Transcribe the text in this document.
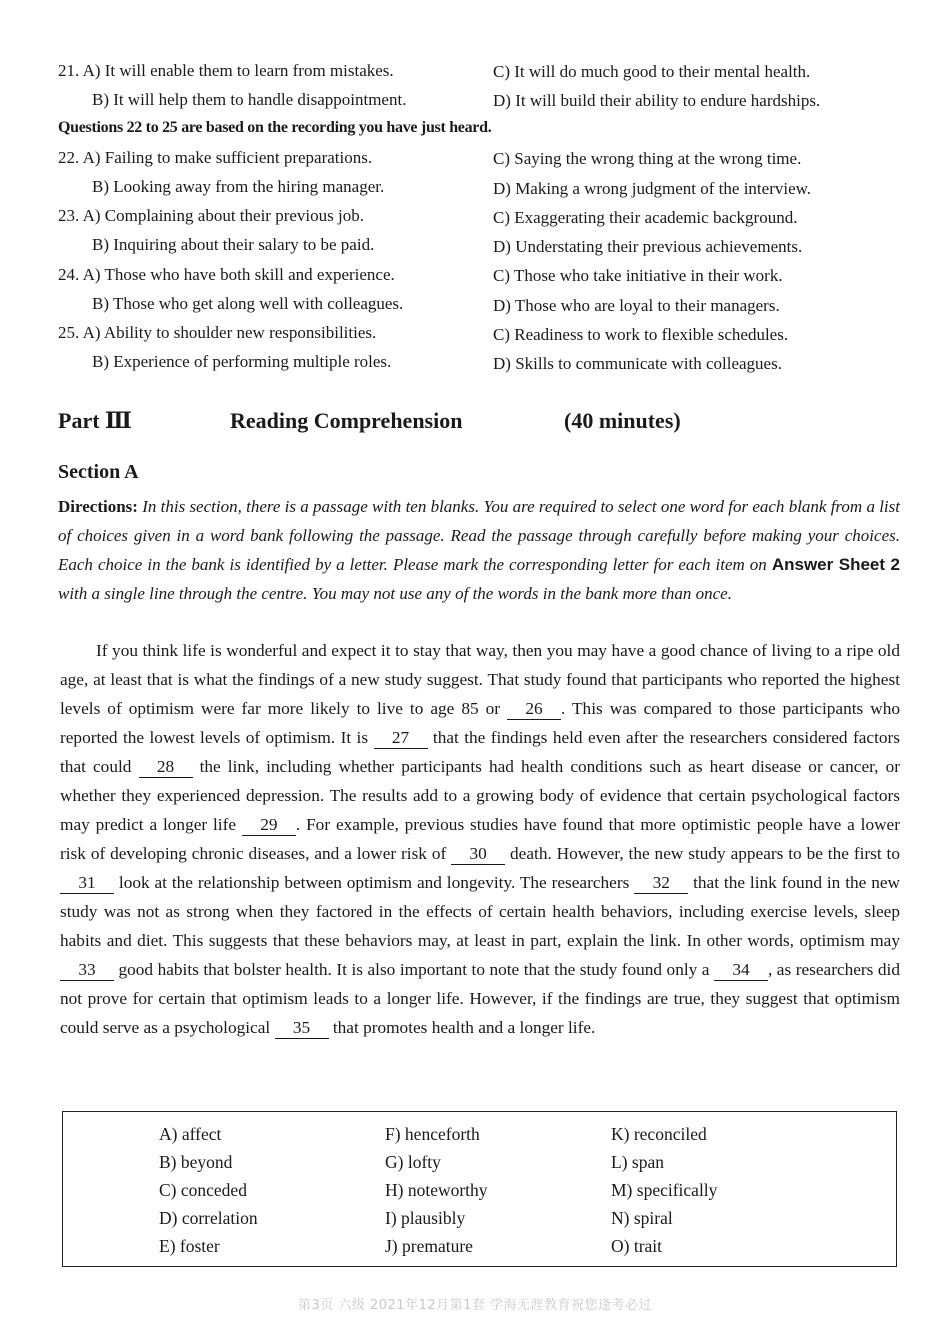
21. A) It will enable them to learn from mistakes.
B) It will help them to handle disappointment.
C) It will do much good to their mental health.
D) It will build their ability to endure hardships.
Questions 22 to 25 are based on the recording you have just heard.
22. A) Failing to make sufficient preparations.
B) Looking away from the hiring manager.
C) Saying the wrong thing at the wrong time.
D) Making a wrong judgment of the interview.
23. A) Complaining about their previous job.
B) Inquiring about their salary to be paid.
C) Exaggerating their academic background.
D) Understating their previous achievements.
24. A) Those who have both skill and experience.
B) Those who get along well with colleagues.
C) Those who take initiative in their work.
D) Those who are loyal to their managers.
25. A) Ability to shoulder new responsibilities.
B) Experience of performing multiple roles.
C) Readiness to work to flexible schedules.
D) Skills to communicate with colleagues.
Part Ⅲ	Reading Comprehension	(40 minutes)
Section A
Directions: In this section, there is a passage with ten blanks. You are required to select one word for each blank from a list of choices given in a word bank following the passage. Read the passage through carefully before making your choices. Each choice in the bank is identified by a letter. Please mark the corresponding letter for each item on Answer Sheet 2 with a single line through the centre. You may not use any of the words in the bank more than once.
If you think life is wonderful and expect it to stay that way, then you may have a good chance of living to a ripe old age, at least that is what the findings of a new study suggest. That study found that participants who reported the highest levels of optimism were far more likely to live to age 85 or 26 . This was compared to those participants who reported the lowest levels of optimism. It is 27 that the findings held even after the researchers considered factors that could 28 the link, including whether participants had health conditions such as heart disease or cancer, or whether they experienced depression. The results add to a growing body of evidence that certain psychological factors may predict a longer life 29 . For example, previous studies have found that more optimistic people have a lower risk of developing chronic diseases, and a lower risk of 30 death. However, the new study appears to be the first to 31 look at the relationship between optimism and longevity. The researchers 32 that the link found in the new study was not as strong when they factored in the effects of certain health behaviors, including exercise levels, sleep habits and diet. This suggests that these behaviors may, at least in part, explain the link. In other words, optimism may 33 good habits that bolster health. It is also important to note that the study found only a 34 , as researchers did not prove for certain that optimism leads to a longer life. However, if the findings are true, they suggest that optimism could serve as a psychological 35 that promotes health and a longer life.
A) affect
B) beyond
C) conceded
D) correlation
E) foster
F) henceforth
G) lofty
H) noteworthy
I) plausibly
J) premature
K) reconciled
L) span
M) specifically
N) spiral
O) trait
第3页 六级 2021年12月第1套 学海无涯教育祝您逢考必过
